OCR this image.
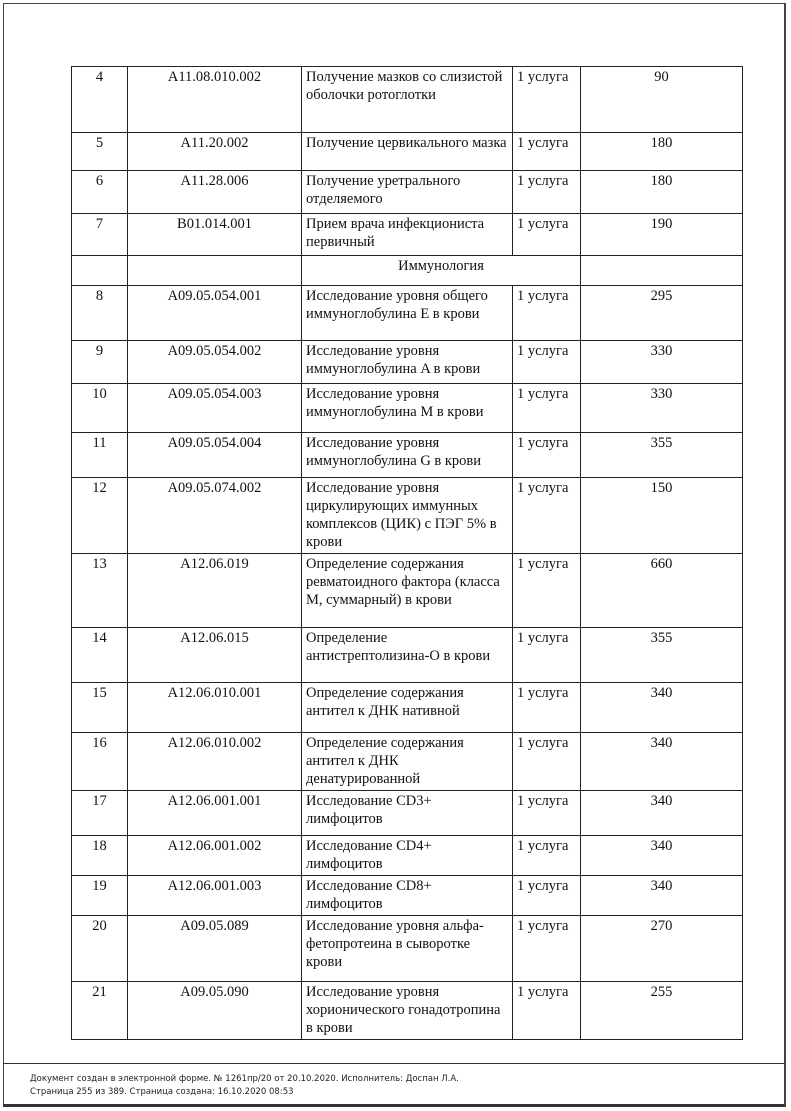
4	A11.08.010.002	Получение мазков со слизистой оболочки ротоглотки	1 услуга	90
5	A11.20.002	Получение цервикального мазка	1 услуга	180
6	A11.28.006	Получение уретрального отделяемого	1 услуга	180
7	B01.014.001	Прием врача инфекциониста первичный	1 услуга	190
		Иммунология		
8	A09.05.054.001	Исследование уровня общего иммуноглобулина E в крови	1 услуга	295
9	A09.05.054.002	Исследование уровня иммуноглобулина A в крови	1 услуга	330
10	A09.05.054.003	Исследование уровня иммуноглобулина M в крови	1 услуга	330
11	A09.05.054.004	Исследование уровня иммуноглобулина G в крови	1 услуга	355
12	A09.05.074.002	Исследование уровня циркулирующих иммунных комплексов (ЦИК) с ПЭГ 5% в крови	1 услуга	150
13	A12.06.019	Определение содержания ревматоидного фактора (класса M, суммарный) в крови	1 услуга	660
14	A12.06.015	Определение антистрептолизина-O в крови	1 услуга	355
15	A12.06.010.001	Определение содержания антител к ДНК нативной	1 услуга	340
16	A12.06.010.002	Определение содержания антител к ДНК денатурированной	1 услуга	340
17	A12.06.001.001	Исследование CD3+ лимфоцитов	1 услуга	340
18	A12.06.001.002	Исследование CD4+ лимфоцитов	1 услуга	340
19	A12.06.001.003	Исследование CD8+ лимфоцитов	1 услуга	340
20	A09.05.089	Исследование уровня альфа-фетопротеина в сыворотке крови	1 услуга	270
21	A09.05.090	Исследование уровня хорионического гонадотропина в крови	1 услуга	255
Документ создан в электронной форме. № 1261пр/20 от 20.10.2020. Исполнитель: Доспан Л.А.
Страница 255 из 389. Страница создана: 16.10.2020 08:53
